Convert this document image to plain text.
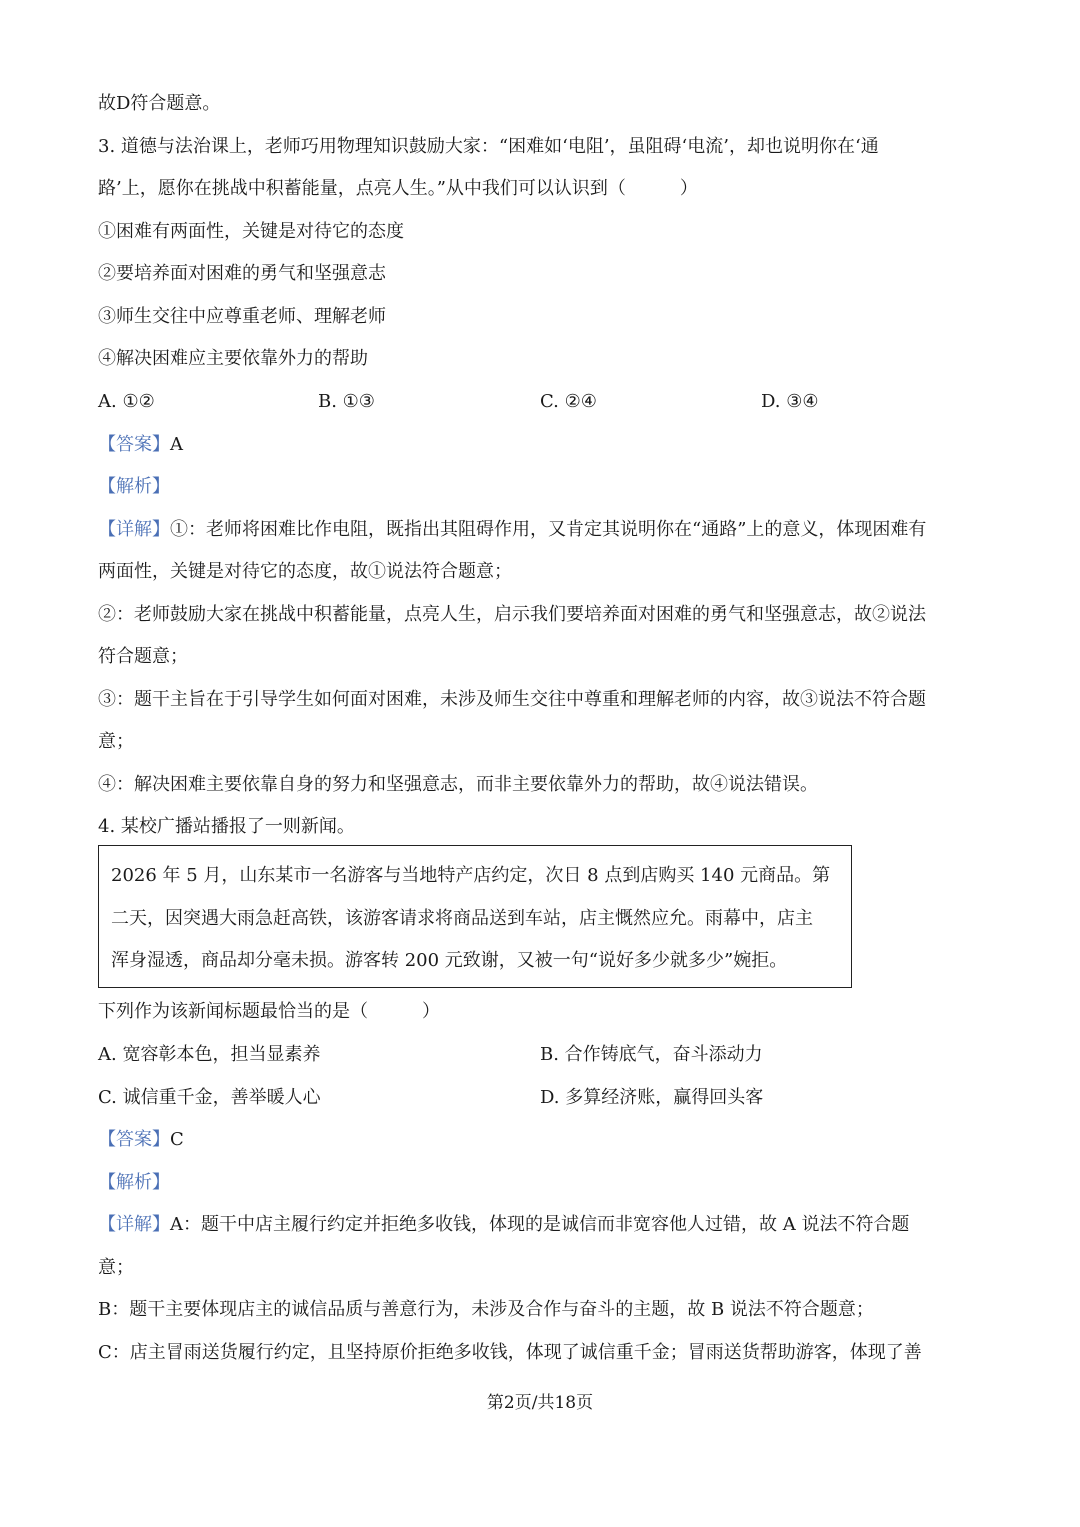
故D符合题意。
3. 道德与法治课上，老师巧用物理知识鼓励大家：“困难如‘电阻’，虽阻碍‘电流’，却也说明你在‘通
路’上，愿你在挑战中积蓄能量，点亮人生。”从中我们可以认识到（　　　）
①困难有两面性，关键是对待它的态度
②要培养面对困难的勇气和坚强意志
③师生交往中应尊重老师、理解老师
④解决困难应主要依靠外力的帮助
A. ①②	B. ①③	C. ②④	D. ③④
【答案】A
【解析】
【详解】①：老师将困难比作电阻，既指出其阻碍作用，又肯定其说明你在“通路”上的意义，体现困难有
两面性，关键是对待它的态度，故①说法符合题意；
②：老师鼓励大家在挑战中积蓄能量，点亮人生，启示我们要培养面对困难的勇气和坚强意志，故②说法
符合题意；
③：题干主旨在于引导学生如何面对困难，未涉及师生交往中尊重和理解老师的内容，故③说法不符合题
意；
④：解决困难主要依靠自身的努力和坚强意志，而非主要依靠外力的帮助，故④说法错误。
4. 某校广播站播报了一则新闻。
2026 年 5 月，山东某市一名游客与当地特产店约定，次日 8 点到店购买 140 元商品。第
二天，因突遇大雨急赶高铁，该游客请求将商品送到车站，店主慨然应允。雨幕中，店主
浑身湿透，商品却分毫未损。游客转 200 元致谢，又被一句“说好多少就多少”婉拒。
下列作为该新闻标题最恰当的是（　　　）
A. 宽容彰本色，担当显素养	B. 合作铸底气，奋斗添动力
C. 诚信重千金，善举暖人心	D. 多算经济账，赢得回头客
【答案】C
【解析】
【详解】A：题干中店主履行约定并拒绝多收钱，体现的是诚信而非宽容他人过错，故 A 说法不符合题
意；
B：题干主要体现店主的诚信品质与善意行为，未涉及合作与奋斗的主题，故 B 说法不符合题意；
C：店主冒雨送货履行约定，且坚持原价拒绝多收钱，体现了诚信重千金；冒雨送货帮助游客，体现了善
第2页/共18页
